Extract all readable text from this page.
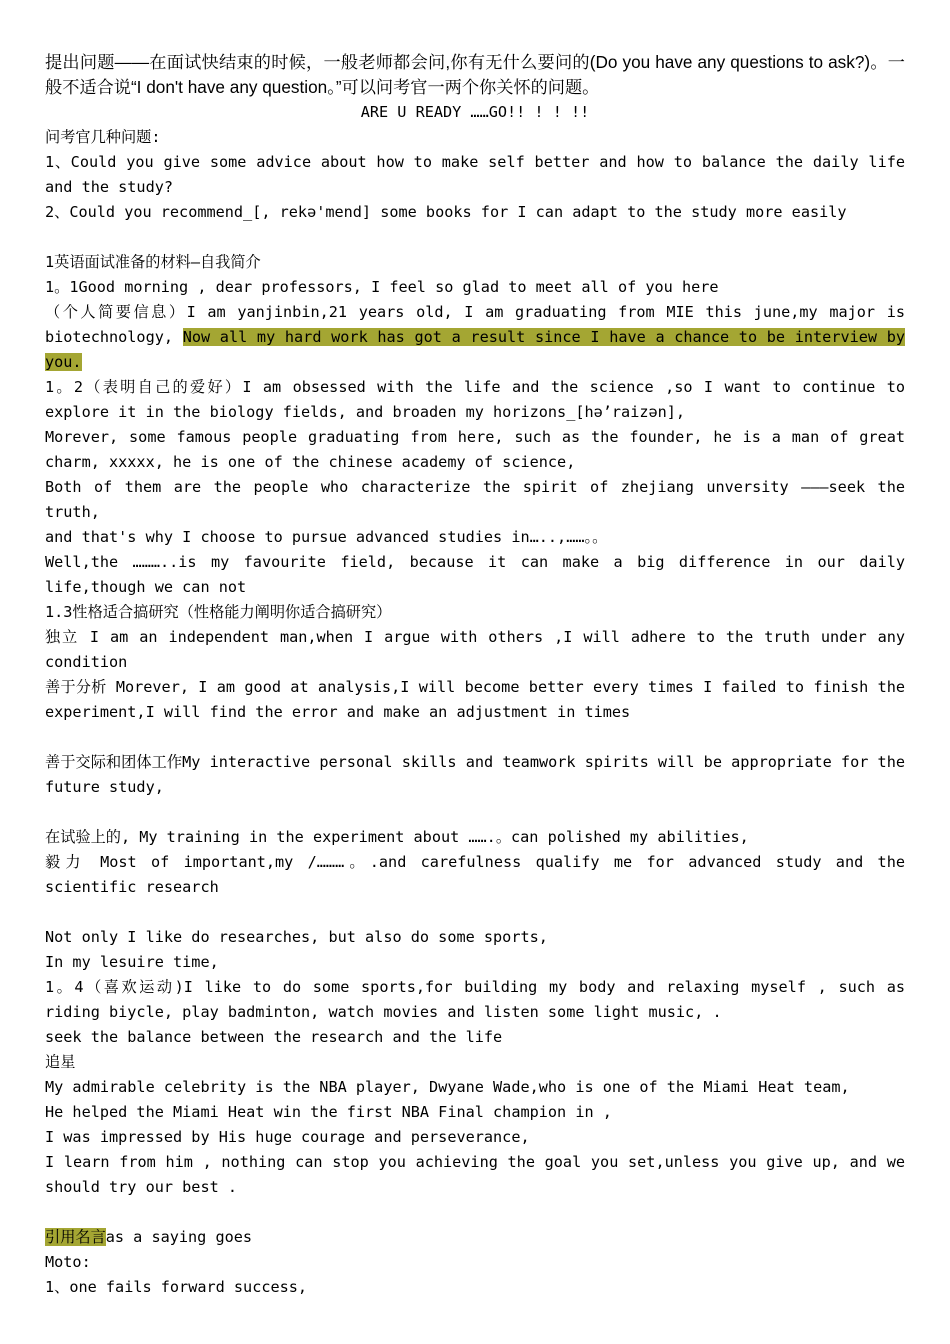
提出问题——在面试快结束的时候，一般老师都会问,你有无什么要问的(Do you have any questions to ask?)。一般不适合说“I don't have any question。”可以问考官一两个你关怀的问题。

ARE U READY ……GO!! ! ! !!

问考官几种问题:

1、Could you give some advice about how to make self better and how to balance the daily life and the study?

2、Could you recommend_[, rekə'mend] some books for I can adapt to the study more easily

1英语面试准备的材料—自我简介

1。1Good morning , dear professors, I feel so glad to meet all of you here

（个人简要信息）I am yanjinbin,21 years old, I am graduating from MIE this june,my major is biotechnology, Now all my hard work has got a result since I have a chance to be interview by you.

1。2（表明自己的爱好）I am obsessed with the life and the science ,so I want to continue to explore it in the biology fields, and broaden my horizons_[hə’raizən],

Morever, some famous people graduating from here, such as the founder, he is a man of great charm, xxxxx, he is one of the chinese academy of science,

Both of them are the people who characterize the spirit of zhejiang unversity ———seek the truth,

and that's why I choose to pursue advanced studies in…..,……。。

Well,the ………..is my favourite field, because it can make a big difference in our daily life,though we can not

1.3性格适合搞研究（性格能力阐明你适合搞研究）

独立 I am an independent man,when I argue with others ,I will adhere to the truth under any condition

善于分析 Morever, I am good at analysis,I will become better every times I failed to finish the experiment,I will find the error and make an adjustment in times

善于交际和团体工作My interactive personal skills and teamwork spirits will be appropriate for the future study,

在试验上的, My training in the experiment about …….。can polished my abilities,

毅力 Most of important,my /………。.and carefulness qualify me for advanced study and the scientific research

Not only I like do researches, but also do some sports,

In my lesuire time,

1。4（喜欢运动)I like to do some sports,for building my body and relaxing myself , such as riding biycle, play badminton, watch movies and listen some light music, .

seek the balance between the research and the life

追星

My admirable celebrity is the NBA player, Dwyane Wade,who is one of the Miami Heat team,

He helped the Miami Heat win the first NBA Final champion in ,

I was impressed by His huge courage and perseverance,

I learn from him , nothing can stop you achieving the goal you set,unless you give up, and we should try our best .

引用名言as a saying goes

Moto:

1、one fails forward success,
